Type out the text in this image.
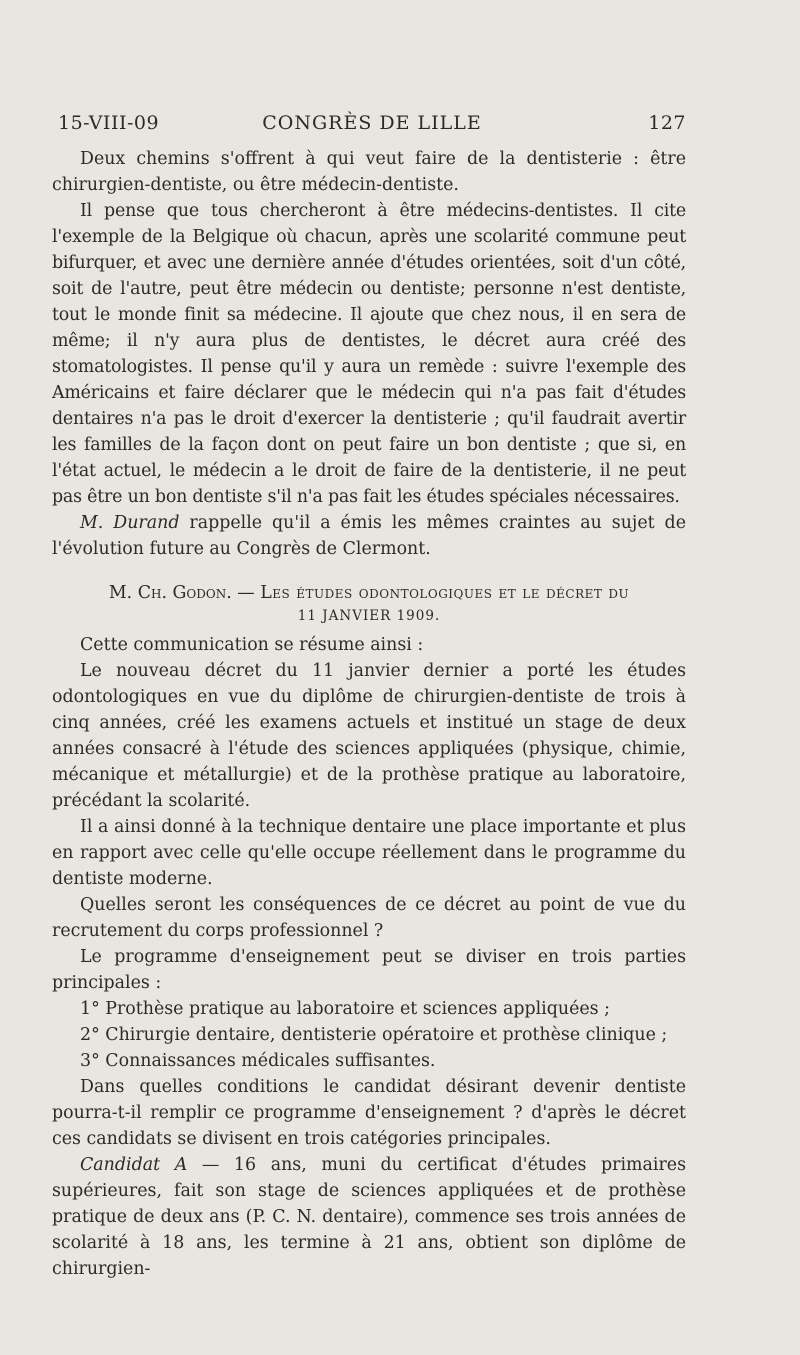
15-VIII-09	CONGRÈS DE LILLE	127

Deux chemins s'offrent à qui veut faire de la dentisterie : être chirurgien-dentiste, ou être médecin-dentiste.

Il pense que tous chercheront à être médecins-dentistes. Il cite l'exemple de la Belgique où chacun, après une scolarité commune peut bifurquer, et avec une dernière année d'études orientées, soit d'un côté, soit de l'autre, peut être médecin ou dentiste; personne n'est dentiste, tout le monde finit sa médecine. Il ajoute que chez nous, il en sera de même; il n'y aura plus de dentistes, le décret aura créé des stomatologistes. Il pense qu'il y aura un remède : suivre l'exemple des Américains et faire déclarer que le médecin qui n'a pas fait d'études dentaires n'a pas le droit d'exercer la dentisterie ; qu'il faudrait avertir les familles de la façon dont on peut faire un bon dentiste ; que si, en l'état actuel, le médecin a le droit de faire de la dentisterie, il ne peut pas être un bon dentiste s'il n'a pas fait les études spéciales nécessaires.

M. Durand rappelle qu'il a émis les mêmes craintes au sujet de l'évolution future au Congrès de Clermont.

M. Ch. Godon. — Les études odontologiques et le décret du
11 JANVIER 1909.

Cette communication se résume ainsi :

Le nouveau décret du 11 janvier dernier a porté les études odontologiques en vue du diplôme de chirurgien-dentiste de trois à cinq années, créé les examens actuels et institué un stage de deux années consacré à l'étude des sciences appliquées (physique, chimie, mécanique et métallurgie) et de la prothèse pratique au laboratoire, précédant la scolarité.

Il a ainsi donné à la technique dentaire une place importante et plus en rapport avec celle qu'elle occupe réellement dans le programme du dentiste moderne.

Quelles seront les conséquences de ce décret au point de vue du recrutement du corps professionnel ?

Le programme d'enseignement peut se diviser en trois parties principales :

1° Prothèse pratique au laboratoire et sciences appliquées ;

2° Chirurgie dentaire, dentisterie opératoire et prothèse clinique ;

3° Connaissances médicales suffisantes.

Dans quelles conditions le candidat désirant devenir dentiste pourra-t-il remplir ce programme d'enseignement ? d'après le décret ces candidats se divisent en trois catégories principales.

Candidat A — 16 ans, muni du certificat d'études primaires supérieures, fait son stage de sciences appliquées et de prothèse pratique de deux ans (P. C. N. dentaire), commence ses trois années de scolarité à 18 ans, les termine à 21 ans, obtient son diplôme de chirurgien-
